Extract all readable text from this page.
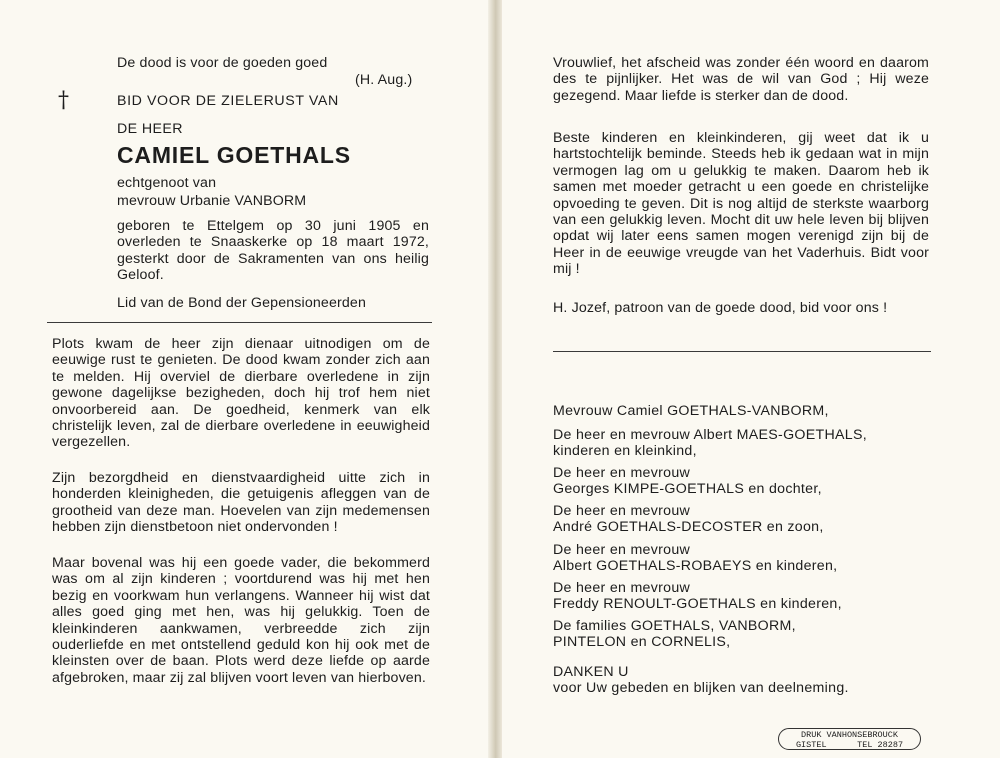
De dood is voor de goeden goed

(H. Aug.)

†	BID VOOR DE ZIELERUST VAN

DE HEER

CAMIEL GOETHALS

echtgenoot van

mevrouw Urbanie VANBORM

geboren te Ettelgem op 30 juni 1905 en overleden te Snaaskerke op 18 maart 1972, gesterkt door de Sakramenten van ons heilig Geloof.

Lid van de Bond der Gepensioneerden

Plots kwam de heer zijn dienaar uitnodigen om de eeuwige rust te genieten. De dood kwam zonder zich aan te melden. Hij overviel de dierbare overledene in zijn gewone dagelijkse bezigheden, doch hij trof hem niet onvoorbereid aan. De goedheid, kenmerk van elk christelijk leven, zal de dierbare overledene in eeuwigheid vergezellen.

Zijn bezorgdheid en dienstvaardigheid uitte zich in honderden kleinigheden, die getuigenis afleggen van de grootheid van deze man. Hoevelen van zijn medemensen hebben zijn dienstbetoon niet ondervonden !

Maar bovenal was hij een goede vader, die bekommerd was om al zijn kinderen ; voortdurend was hij met hen bezig en voorkwam hun verlangens. Wanneer hij wist dat alles goed ging met hen, was hij gelukkig. Toen de kleinkinderen aankwamen, verbreedde zich zijn ouderliefde en met ontstellend geduld kon hij ook met de kleinsten over de baan. Plots werd deze liefde op aarde afgebroken, maar zij zal blijven voort leven van hierboven.

Vrouwlief, het afscheid was zonder één woord en daarom des te pijnlijker. Het was de wil van God ; Hij weze gezegend. Maar liefde is sterker dan de dood.

Beste kinderen en kleinkinderen, gij weet dat ik u hartstochtelijk beminde. Steeds heb ik gedaan wat in mijn vermogen lag om u gelukkig te maken. Daarom heb ik samen met moeder getracht u een goede en christelijke opvoeding te geven. Dit is nog altijd de sterkste waarborg van een gelukkig leven. Mocht dit uw hele leven bij blijven opdat wij later eens samen mogen verenigd zijn bij de Heer in de eeuwige vreugde van het Vaderhuis. Bidt voor mij !

H. Jozef, patroon van de goede dood, bid voor ons !

Mevrouw Camiel GOETHALS-VANBORM,

De heer en mevrouw Albert MAES-GOETHALS,
kinderen en kleinkind,

De heer en mevrouw
Georges KIMPE-GOETHALS en dochter,

De heer en mevrouw
André GOETHALS-DECOSTER en zoon,

De heer en mevrouw
Albert GOETHALS-ROBAEYS en kinderen,

De heer en mevrouw
Freddy RENOULT-GOETHALS en kinderen,

De families GOETHALS, VANBORM,
PINTELON en CORNELIS,

DANKEN U
voor Uw gebeden en blijken van deelneming.

DRUK VANHONSEBROUCK
GISTEL      TEL 28287
